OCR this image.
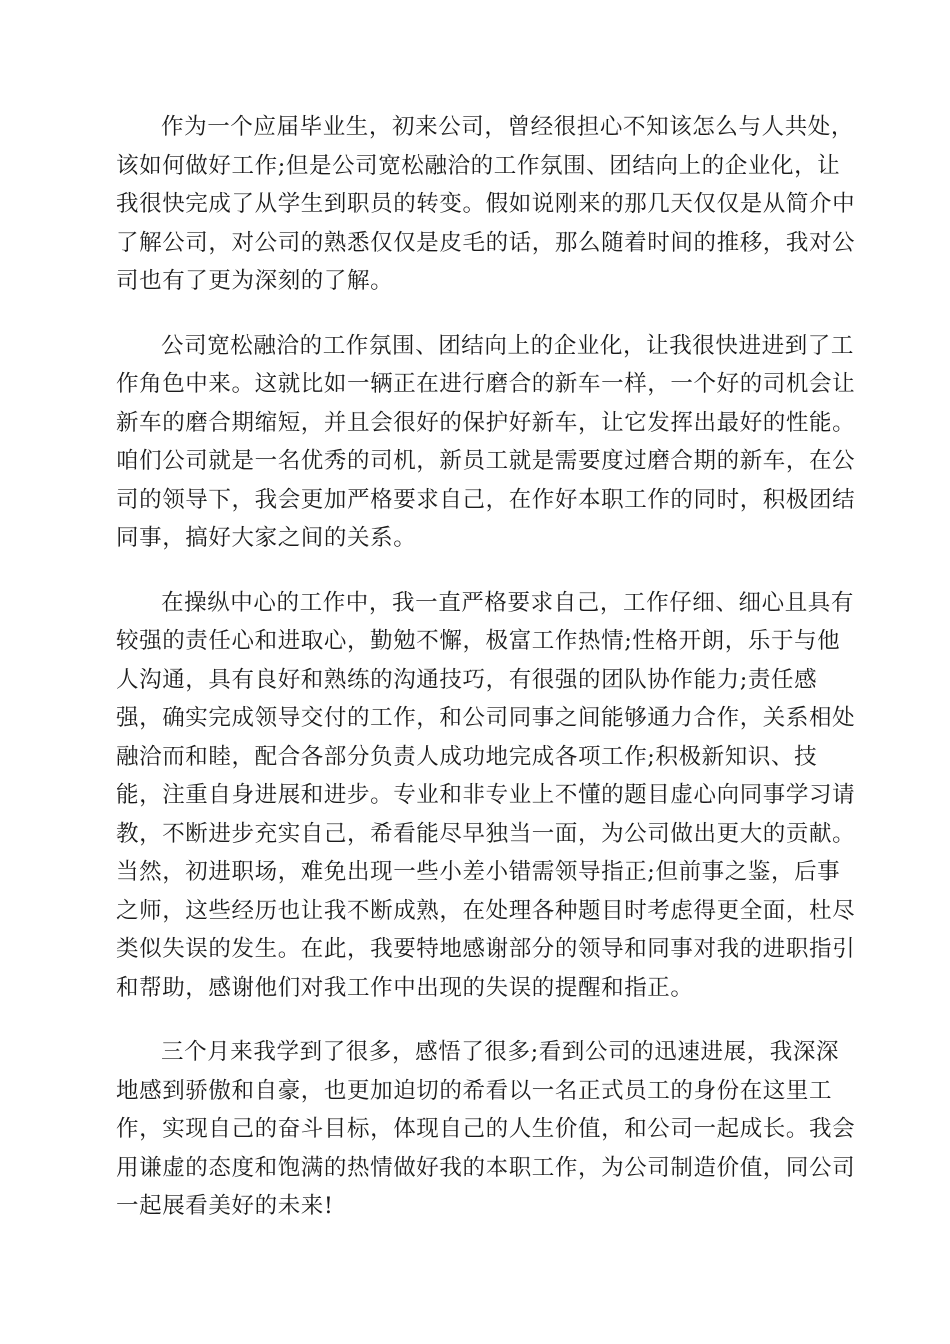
作为一个应届毕业生，初来公司，曾经很担心不知该怎么与人共处，
该如何做好工作;但是公司宽松融洽的工作氛围、团结向上的企业化，让
我很快完成了从学生到职员的转变。假如说刚来的那几天仅仅是从简介中
了解公司，对公司的熟悉仅仅是皮毛的话，那么随着时间的推移，我对公
司也有了更为深刻的了解。
公司宽松融洽的工作氛围、团结向上的企业化，让我很快进进到了工
作角色中来。这就比如一辆正在进行磨合的新车一样，一个好的司机会让
新车的磨合期缩短，并且会很好的保护好新车，让它发挥出最好的性能。
咱们公司就是一名优秀的司机，新员工就是需要度过磨合期的新车，在公
司的领导下，我会更加严格要求自己，在作好本职工作的同时，积极团结
同事，搞好大家之间的关系。
在操纵中心的工作中，我一直严格要求自己，工作仔细、细心且具有
较强的责任心和进取心，勤勉不懈，极富工作热情;性格开朗，乐于与他
人沟通，具有良好和熟练的沟通技巧，有很强的团队协作能力;责任感
强，确实完成领导交付的工作，和公司同事之间能够通力合作，关系相处
融洽而和睦，配合各部分负责人成功地完成各项工作;积极新知识、技
能，注重自身进展和进步。专业和非专业上不懂的题目虚心向同事学习请
教，不断进步充实自己，希看能尽早独当一面，为公司做出更大的贡献。
当然，初进职场，难免出现一些小差小错需领导指正;但前事之鉴，后事
之师，这些经历也让我不断成熟，在处理各种题目时考虑得更全面，杜尽
类似失误的发生。在此，我要特地感谢部分的领导和同事对我的进职指引
和帮助，感谢他们对我工作中出现的失误的提醒和指正。
三个月来我学到了很多，感悟了很多;看到公司的迅速进展，我深深
地感到骄傲和自豪，也更加迫切的希看以一名正式员工的身份在这里工
作，实现自己的奋斗目标，体现自己的人生价值，和公司一起成长。我会
用谦虚的态度和饱满的热情做好我的本职工作，为公司制造价值，同公司
一起展看美好的未来!
